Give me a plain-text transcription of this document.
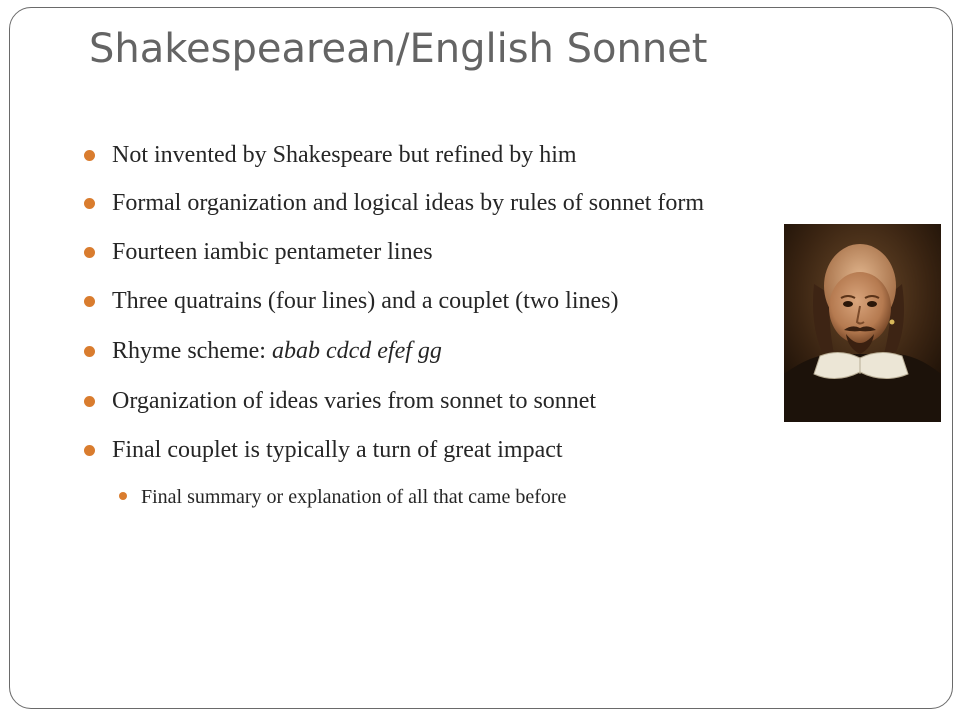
Shakespearean/English Sonnet
Not invented by Shakespeare but refined by him
Formal organization and logical ideas by rules of sonnet form
Fourteen iambic pentameter lines
Three quatrains (four lines) and a couplet (two lines)
Rhyme scheme: abab cdcd efef gg
Organization of ideas varies from sonnet to sonnet
Final couplet is typically a turn of great impact
Final summary or explanation of all that came before
